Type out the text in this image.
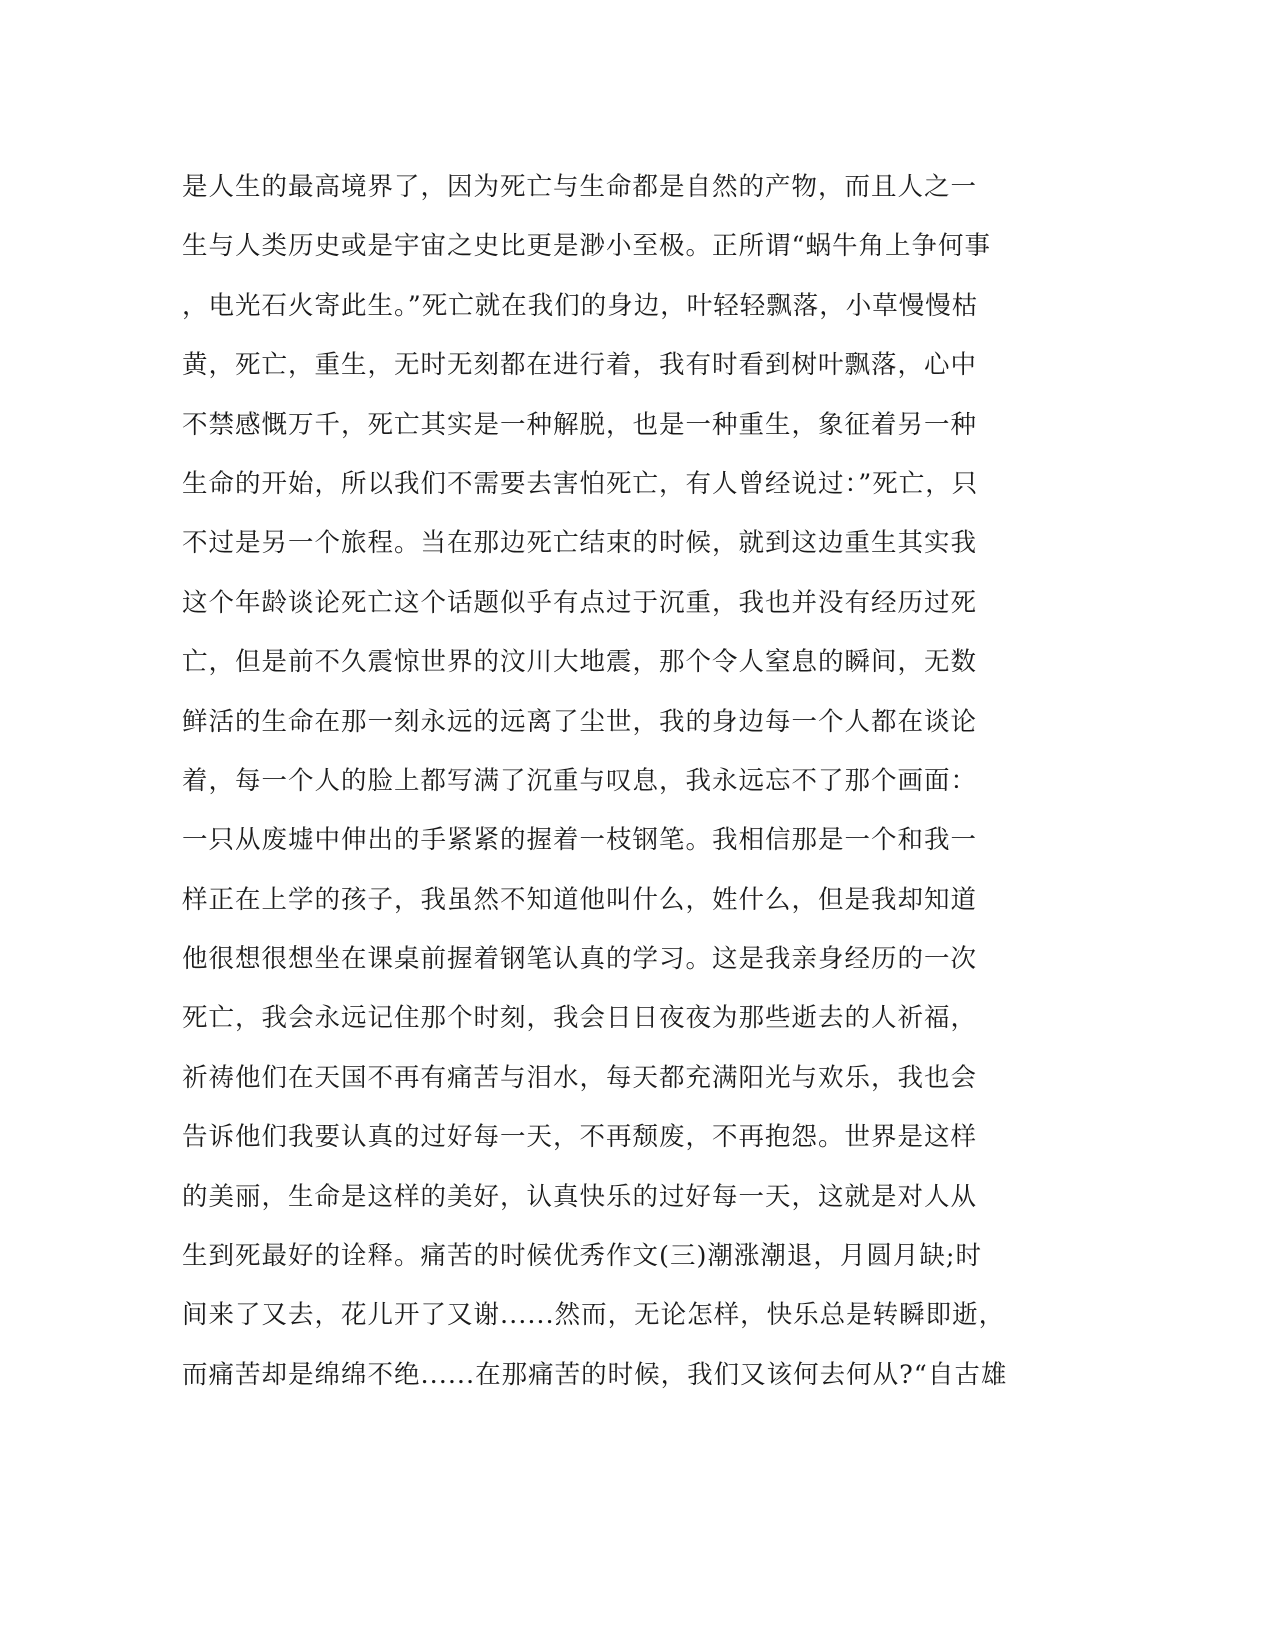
是人生的最高境界了，因为死亡与生命都是自然的产物，而且人之一
生与人类历史或是宇宙之史比更是渺小至极。正所谓“蜗牛角上争何事
，电光石火寄此生。”死亡就在我们的身边，叶轻轻飘落，小草慢慢枯
黄，死亡，重生，无时无刻都在进行着，我有时看到树叶飘落，心中
不禁感慨万千，死亡其实是一种解脱，也是一种重生，象征着另一种
生命的开始，所以我们不需要去害怕死亡，有人曾经说过：”死亡，只
不过是另一个旅程。当在那边死亡结束的时候，就到这边重生其实我
这个年龄谈论死亡这个话题似乎有点过于沉重，我也并没有经历过死
亡，但是前不久震惊世界的汶川大地震，那个令人窒息的瞬间，无数
鲜活的生命在那一刻永远的远离了尘世，我的身边每一个人都在谈论
着，每一个人的脸上都写满了沉重与叹息，我永远忘不了那个画面：
一只从废墟中伸出的手紧紧的握着一枝钢笔。我相信那是一个和我一
样正在上学的孩子，我虽然不知道他叫什么，姓什么，但是我却知道
他很想很想坐在课桌前握着钢笔认真的学习。这是我亲身经历的一次
死亡，我会永远记住那个时刻，我会日日夜夜为那些逝去的人祈福，
祈祷他们在天国不再有痛苦与泪水，每天都充满阳光与欢乐，我也会
告诉他们我要认真的过好每一天，不再颓废，不再抱怨。世界是这样
的美丽，生命是这样的美好，认真快乐的过好每一天，这就是对人从
生到死最好的诠释。痛苦的时候优秀作文(三)潮涨潮退，月圆月缺;时
间来了又去，花儿开了又谢......然而，无论怎样，快乐总是转瞬即逝，
而痛苦却是绵绵不绝......在那痛苦的时候，我们又该何去何从?“自古雄
